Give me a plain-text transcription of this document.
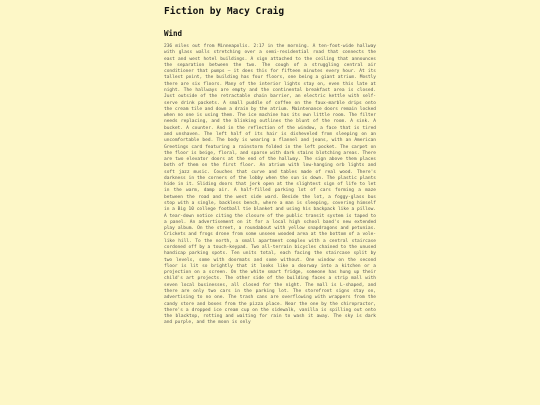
Fiction by Macy Craig
Wind

236 miles out from Minneapolis. 2:17 in the morning. A ten-foot-wide hallway with glass walls stretching over a semi-residential road that connects the east and west hotel buildings. A sign attached to the ceiling that announces the separation between the two. The cough of a struggling central air conditioner that pumps – it does this for fifteen minutes every hour. At its tallest point, the building has four floors, one being a giant atrium. Mostly there are six floors. Many of the interior lights stay on, even this late at night. The hallways are empty and the continental breakfast area is closed. Just outside of the retractable chain barrier, an electric kettle with self-serve drink packets. A small puddle of coffee on the faux-marble drips onto the cream tile and down a drain by the atrium. Maintenance doors remain locked when no one is using them. The ice machine has its own little room. The filter needs replacing, and the blinking outlines the blunt of the room. A sink. A bucket. A counter. And in the reflection of the window, a face that is tired and unshaven. The left half of its hair is disheveled from sleeping on an uncomfortable bed. The body is wearing a flannel and jeans, with an American Greetings card featuring a rainstorm folded in the left pocket. The carpet on the floor is beige, floral, and sparse with dark stains blotching areas. There are two elevator doors at the end of the hallway. The sign above them places both of them on the first floor. An atrium with low-hanging orb lights and soft jazz music. Couches that curve and tables made of real wood. There's darkness in the corners of the lobby when the sun is down. The plastic plants hide in it. Sliding doors that jerk open at the slightest sign of life to let in the warm, damp air. A half-filled parking lot of cars forming a maze between the road and the west side ward. Beside the lot, a foggy-glass bus stop with a single, backless bench, where a man is sleeping, covering himself in a Big 10 college football tie blanket and using his backpack like a pillow. A tear-down notice citing the closure of the public transit system is taped to a panel. An advertisement on it for a local high school band's new extended play album. On the street, a roundabout with yellow snapdragons and petunias. Crickets and frogs drone from some unseen wooded area at the bottom of a vole-like hill. To the north, a small apartment complex with a central staircase cordoned off by a touch-keypad. Two all-terrain bicycles chained to the unused handicap parking spots. Ten units total, each facing the staircase split by two levels, some with doormats and some without. One window on the second floor is lit so brightly that it looks like a doorway into a kitchen or a projection on a screen. On the white smart fridge, someone has hung up their child's art projects. The other side of the building faces a strip mall with seven local businesses, all closed for the night. The mall is L-shaped, and there are only two cars in the parking lot. The storefront signs stay on, advertising to no one. The trash cans are overflowing with wrappers from the candy store and boxes from the pizza place. Near the one by the chiropractor, there's a dropped ice cream cup on the sidewalk, vanilla is spilling out onto the blacktop, rotting and waiting for rain to wash it away. The sky is dark and purple, and the moon is only
